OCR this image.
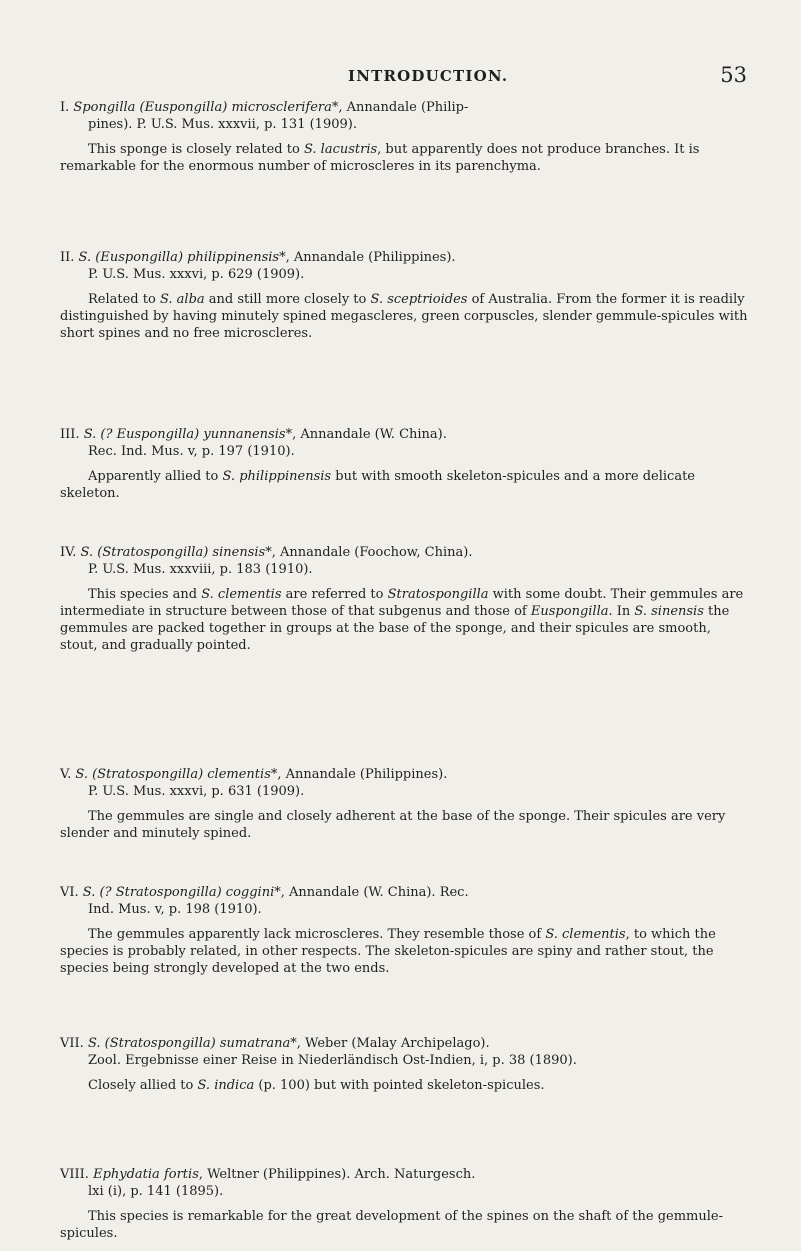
INTRODUCTION.	53
I. Spongilla (Euspongilla) microsclerifera*, Annandale (Philip-
pines). P. U.S. Mus. xxxvii, p. 131 (1909).
This sponge is closely related to S. lacustris, but apparently does not produce branches. It is remarkable for the enormous number of microscleres in its parenchyma.
II. S. (Euspongilla) philippinensis*, Annandale (Philippines).
P. U.S. Mus. xxxvi, p. 629 (1909).
Related to S. alba and still more closely to S. sceptrioides of Australia. From the former it is readily distinguished by having minutely spined megascleres, green corpuscles, slender gemmule-spicules with short spines and no free microscleres.
III. S. (? Euspongilla) yunnanensis*, Annandale (W. China).
Rec. Ind. Mus. v, p. 197 (1910).
Apparently allied to S. philippinensis but with smooth skeleton-spicules and a more delicate skeleton.
IV. S. (Stratospongilla) sinensis*, Annandale (Foochow, China).
P. U.S. Mus. xxxviii, p. 183 (1910).
This species and S. clementis are referred to Stratospongilla with some doubt. Their gemmules are intermediate in structure between those of that subgenus and those of Euspongilla. In S. sinensis the gemmules are packed together in groups at the base of the sponge, and their spicules are smooth, stout, and gradually pointed.
V. S. (Stratospongilla) clementis*, Annandale (Philippines).
P. U.S. Mus. xxxvi, p. 631 (1909).
The gemmules are single and closely adherent at the base of the sponge. Their spicules are very slender and minutely spined.
VI. S. (? Stratospongilla) coggini*, Annandale (W. China). Rec.
Ind. Mus. v, p. 198 (1910).
The gemmules apparently lack microscleres. They resemble those of S. clementis, to which the species is probably related, in other respects. The skeleton-spicules are spiny and rather stout, the species being strongly developed at the two ends.
VII. S. (Stratospongilla) sumatrana*, Weber (Malay Archipelago).
Zool. Ergebnisse einer Reise in Niederländisch Ost-Indien, i, p. 38 (1890).
Closely allied to S. indica (p. 100) but with pointed skeleton-spicules.
VIII. Ephydatia fortis, Weltner (Philippines). Arch. Naturgesch.
lxi (i), p. 141 (1895).
This species is remarkable for the great development of the spines on the shaft of the gemmule-spicules.
